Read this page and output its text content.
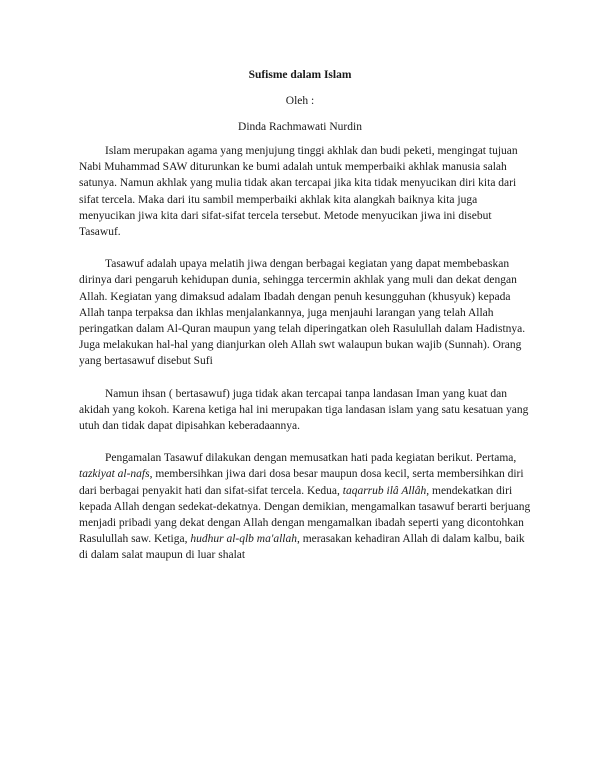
Sufisme dalam Islam
Oleh :
Dinda Rachmawati Nurdin

Islam merupakan agama yang menjujung tinggi akhlak dan budi peketi, mengingat tujuan Nabi Muhammad SAW diturunkan ke bumi adalah untuk memperbaiki akhlak manusia salah satunya. Namun akhlak yang mulia tidak akan tercapai jika kita tidak menyucikan diri kita dari sifat tercela. Maka dari itu sambil memperbaiki akhlak kita alangkah baiknya kita juga menyucikan jiwa kita dari sifat-sifat tercela tersebut. Metode menyucikan jiwa ini disebut Tasawuf.

Tasawuf adalah upaya melatih jiwa dengan berbagai kegiatan yang dapat membebaskan dirinya dari pengaruh kehidupan dunia, sehingga tercermin akhlak yang muli dan dekat dengan Allah. Kegiatan yang dimaksud adalam Ibadah dengan penuh kesungguhan (khusyuk) kepada Allah tanpa terpaksa dan ikhlas menjalankannya, juga menjauhi larangan yang telah Allah peringatkan dalam Al-Quran maupun yang telah diperingatkan oleh Rasulullah dalam Hadistnya. Juga melakukan hal-hal yang dianjurkan oleh Allah swt walaupun bukan wajib (Sunnah). Orang yang bertasawuf disebut Sufi

Namun ihsan ( bertasawuf) juga tidak akan tercapai tanpa landasan Iman yang kuat dan akidah yang kokoh. Karena ketiga hal ini merupakan tiga landasan islam yang satu kesatuan yang utuh dan tidak dapat dipisahkan keberadaannya.

Pengamalan Tasawuf dilakukan dengan memusatkan hati pada kegiatan berikut. Pertama, tazkiyat al-nafs, membersihkan jiwa dari dosa besar maupun dosa kecil, serta membersihkan diri dari berbagai penyakit hati dan sifat-sifat tercela. Kedua, taqarrub ilâ Allâh, mendekatkan diri kepada Allah dengan sedekat-dekatnya. Dengan demikian, mengamalkan tasawuf berarti berjuang menjadi pribadi yang dekat dengan Allah dengan mengamalkan ibadah seperti yang dicontohkan Rasulullah saw. Ketiga, hudhur al-qlb ma'allah, merasakan kehadiran Allah di dalam kalbu, baik di dalam salat maupun di luar shalat
